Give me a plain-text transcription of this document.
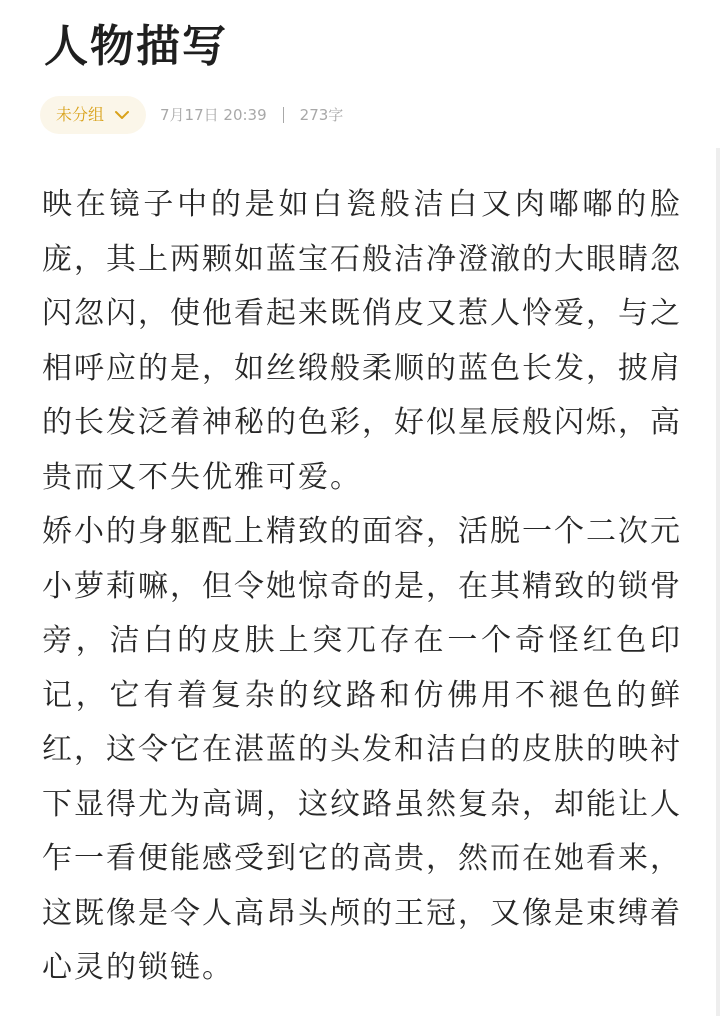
人物描写
未分组	7月17日 20:39 273字

映在镜子中的是如白瓷般洁白又肉嘟嘟的脸庞，其上两颗如蓝宝石般洁净澄澈的大眼睛忽闪忽闪，使他看起来既俏皮又惹人怜爱，与之相呼应的是，如丝缎般柔顺的蓝色长发，披肩的长发泛着神秘的色彩，好似星辰般闪烁，高贵而又不失优雅可爱。

娇小的身躯配上精致的面容，活脱一个二次元小萝莉嘛，但令她惊奇的是，在其精致的锁骨旁，洁白的皮肤上突兀存在一个奇怪红色印记，它有着复杂的纹路和仿佛用不褪色的鲜红，这令它在湛蓝的头发和洁白的皮肤的映衬下显得尤为高调，这纹路虽然复杂，却能让人乍一看便能感受到它的高贵，然而在她看来，这既像是令人高昂头颅的王冠，又像是束缚着心灵的锁链。
